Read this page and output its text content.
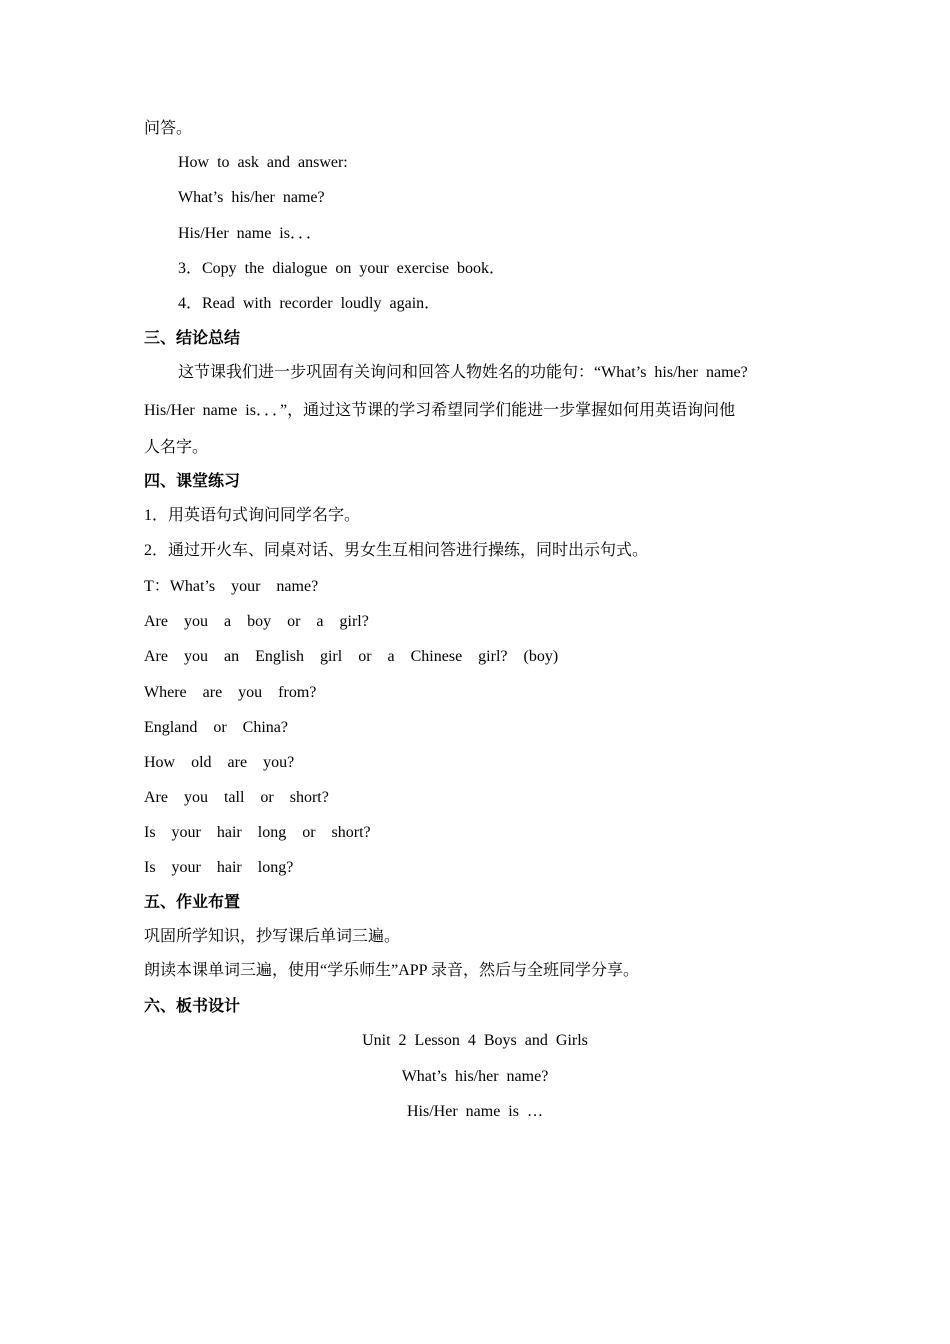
问答。
How  to  ask  and  answer:
What’s  his/her  name?
His/Her  name  is．．．
3．Copy  the  dialogue  on  your  exercise  book．
4．Read  with  recorder  loudly  again．
三、结论总结
这节课我们进一步巩固有关询问和回答人物姓名的功能句：“What’s  his/her  name?
His/Her  name  is．．．”，通过这节课的学习希望同学们能进一步掌握如何用英语询问他
人名字。
四、课堂练习
1．用英语句式询问同学名字。
2．通过开火车、同桌对话、男女生互相问答进行操练，同时出示句式。
T：What’s    your    name?
Are    you    a    boy    or    a    girl?
Are    you    an    English    girl    or    a    Chinese    girl?    (boy)
Where    are    you    from?
England    or    China?
How    old    are    you?
Are    you    tall    or    short?
Is    your    hair    long    or    short?
Is    your    hair    long?
五、作业布置
巩固所学知识，抄写课后单词三遍。
朗读本课单词三遍，使用“学乐师生”APP 录音，然后与全班同学分享。
六、板书设计
Unit  2  Lesson  4  Boys  and  Girls
What’s  his/her  name?
His/Her  name  is  …
